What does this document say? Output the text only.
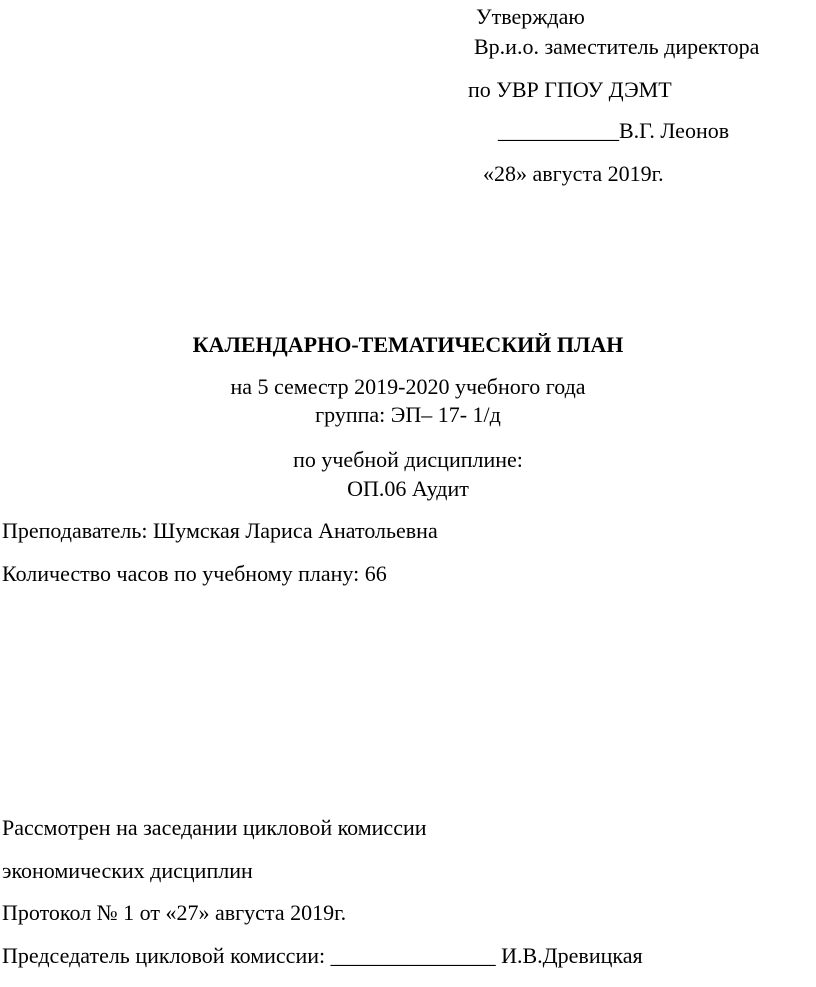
Утверждаю
Вр.и.о. заместитель директора
по УВР ГПОУ ДЭМТ
___________В.Г. Леонов
«28» августа 2019г.
КАЛЕНДАРНО-ТЕМАТИЧЕСКИЙ ПЛАН
на 5 семестр 2019-2020 учебного года
группа: ЭП– 17- 1/д
по учебной дисциплине:
ОП.06 Аудит
Преподаватель: Шумская Лариса Анатольевна
Количество часов по учебному плану: 66
Рассмотрен на заседании цикловой комиссии
экономических дисциплин
Протокол № 1 от «27» августа 2019г.
Председатель цикловой комиссии: _______________ И.В.Древицкая
